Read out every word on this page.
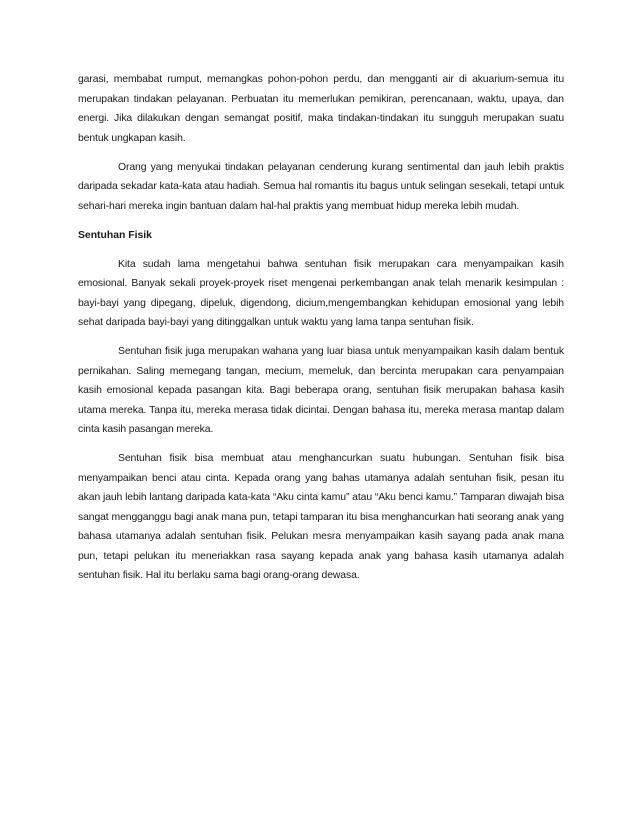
garasi, membabat rumput, memangkas pohon-pohon perdu, dan mengganti air di akuarium-semua itu merupakan tindakan pelayanan. Perbuatan itu memerlukan pemikiran, perencanaan, waktu, upaya, dan energi. Jika dilakukan dengan semangat positif, maka tindakan-tindakan itu sungguh merupakan suatu bentuk ungkapan kasih.

Orang yang menyukai tindakan pelayanan cenderung kurang sentimental dan jauh lebih praktis daripada sekadar kata-kata atau hadiah. Semua hal romantis itu bagus untuk selingan sesekali, tetapi untuk sehari-hari mereka ingin bantuan dalam hal-hal praktis yang membuat hidup mereka lebih mudah.

Sentuhan Fisik

Kita sudah lama mengetahui bahwa sentuhan fisik merupakan cara menyampaikan kasih emosional. Banyak sekali proyek-proyek riset mengenai perkembangan anak telah menarik kesimpulan : bayi-bayi yang dipegang, dipeluk, digendong, dicium,mengembangkan kehidupan emosional yang lebih sehat daripada bayi-bayi yang ditinggalkan untuk waktu yang lama tanpa sentuhan fisik.

Sentuhan fisik juga merupakan wahana yang luar biasa untuk menyampaikan kasih dalam bentuk pernikahan. Saling memegang tangan, mecium, memeluk, dan bercinta merupakan cara penyampaian kasih emosional kepada pasangan kita. Bagi beberapa orang, sentuhan fisik merupakan bahasa kasih utama mereka. Tanpa itu, mereka merasa tidak dicintai. Dengan bahasa itu, mereka merasa mantap dalam cinta kasih pasangan mereka.

Sentuhan fisik bisa membuat atau menghancurkan suatu hubungan. Sentuhan fisik bisa menyampaikan benci atau cinta. Kepada orang yang bahas utamanya adalah sentuhan fisik, pesan itu akan jauh lebih lantang daripada kata-kata “Aku cinta kamu” atau “Aku benci kamu.” Tamparan diwajah bisa sangat mengganggu bagi anak mana pun, tetapi tamparan itu bisa menghancurkan hati seorang anak yang bahasa utamanya adalah sentuhan fisik. Pelukan mesra menyampaikan kasih sayang pada anak mana pun, tetapi pelukan itu meneriakkan rasa sayang kepada anak yang bahasa kasih utamanya adalah sentuhan fisik. Hal itu berlaku sama bagi orang-orang dewasa.
